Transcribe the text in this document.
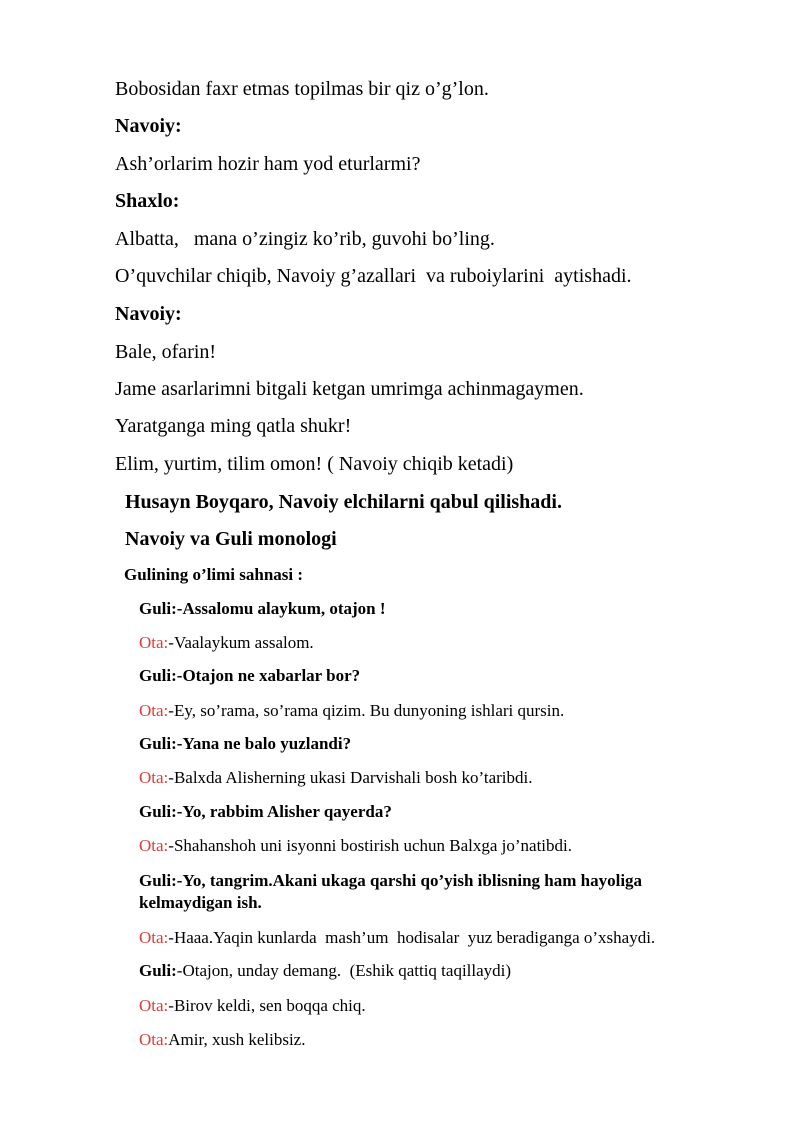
Bobosidan faxr etmas topilmas bir qiz o’g’lon.
Navoiy:
Ash’orlarim hozir ham yod eturlarmi?
Shaxlo:
Albatta,   mana o’zingiz ko’rib, guvohi bo’ling.
O’quvchilar chiqib, Navoiy g’azallari  va ruboiylarini  aytishadi.
Navoiy:
Bale, ofarin!
Jame asarlarimni bitgali ketgan umrimga achinmagaymen.
Yaratganga ming qatla shukr!
Elim, yurtim, tilim omon! ( Navoiy chiqib ketadi)
Husayn Boyqaro, Navoiy elchilarni qabul qilishadi.
Navoiy va Guli monologi
Gulining o’limi sahnasi :
Guli:-Assalomu alaykum, otajon !
Ota:-Vaalaykum assalom.
Guli:-Otajon ne xabarlar bor?
Ota:-Ey, so’rama, so’rama qizim. Bu dunyoning ishlari qursin.
Guli:-Yana ne balo yuzlandi?
Ota:-Balxda Alisherning ukasi Darvishali bosh ko’taribdi.
Guli:-Yo, rabbim Alisher qayerda?
Ota:-Shahanshoh uni isyonni bostirish uchun Balxga jo’natibdi.
Guli:-Yo, tangrim.Akani ukaga qarshi qo’yish iblisning ham hayoliga
kelmaydigan ish.
Ota:-Haaa.Yaqin kunlarda  mash’um  hodisalar  yuz beradiganga o’xshaydi.
Guli:-Otajon, unday demang.  (Eshik qattiq taqillaydi)
Ota:-Birov keldi, sen boqqa chiq.
Ota:Amir, xush kelibsiz.
